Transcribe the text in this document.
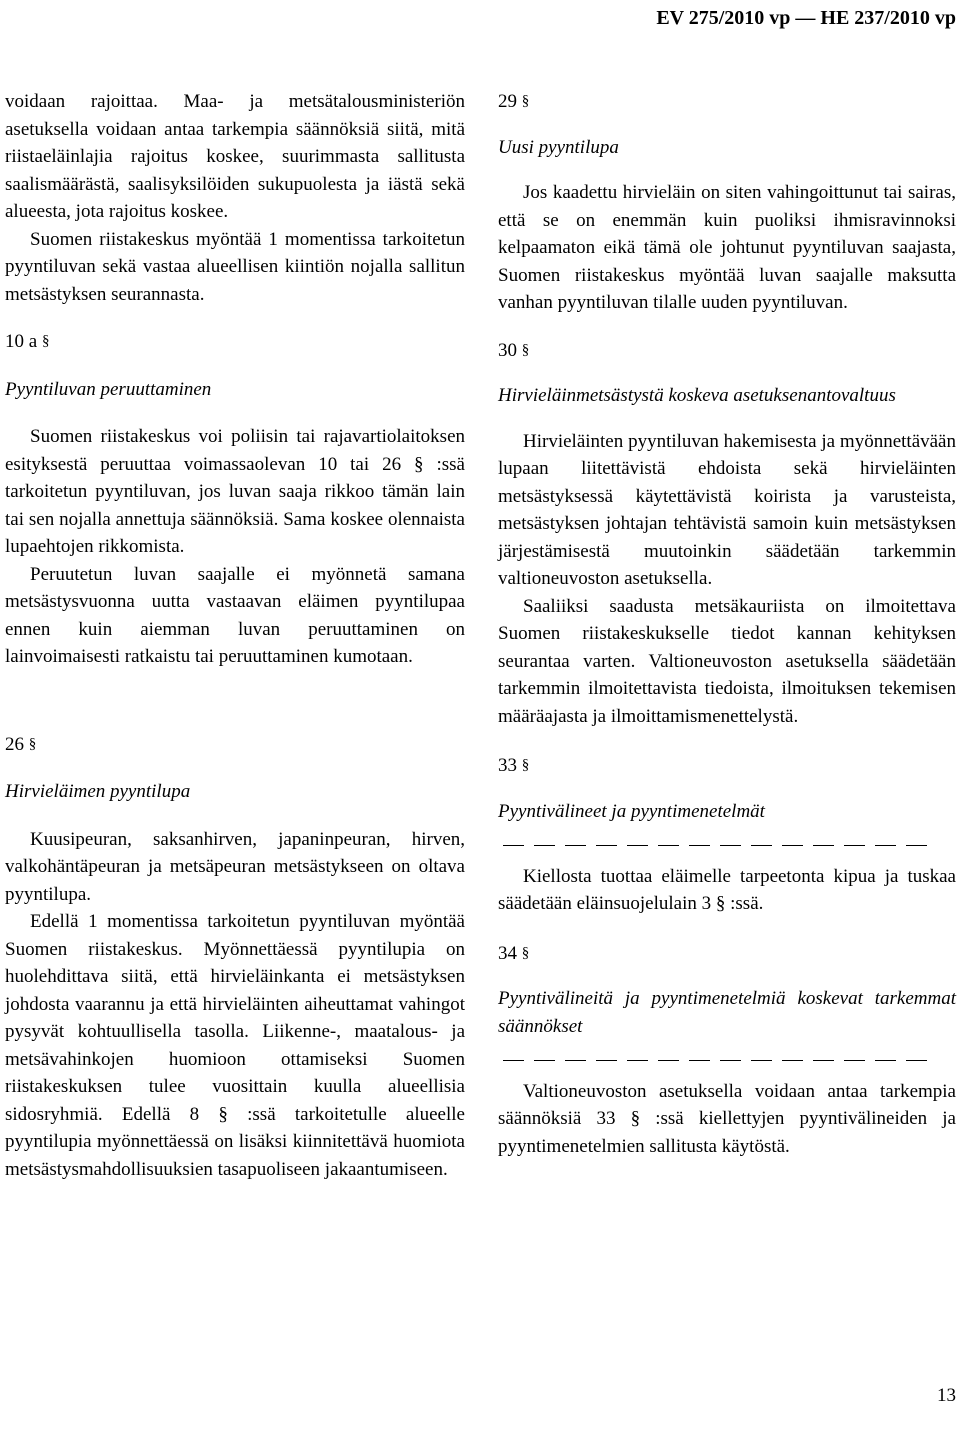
EV 275/2010 vp — HE 237/2010 vp

voidaan rajoittaa. Maa- ja metsätalousministeriön asetuksella voidaan antaa tarkempia säännöksiä siitä, mitä riistaeläinlajia rajoitus koskee, suurimmasta sallitusta saalismäärästä, saalisyksilöiden sukupuolesta ja iästä sekä alueesta, jota rajoitus koskee.

Suomen riistakeskus myöntää 1 momentissa tarkoitetun pyyntiluvan sekä vastaa alueellisen kiintiön nojalla sallitun metsästyksen seurannasta.

10 a §

Pyyntiluvan peruuttaminen

Suomen riistakeskus voi poliisin tai rajavartiolaitoksen esityksestä peruuttaa voimassaolevan 10 tai 26 § :ssä tarkoitetun pyyntiluvan, jos luvan saaja rikkoo tämän lain tai sen nojalla annettuja säännöksiä. Sama koskee olennaista lupaehtojen rikkomista.

Peruutetun luvan saajalle ei myönnetä samana metsästysvuonna uutta vastaavan eläimen pyyntilupaa ennen kuin aiemman luvan peruuttaminen on lainvoimaisesti ratkaistu tai peruuttaminen kumotaan.

26 §

Hirvieläimen pyyntilupa

Kuusipeuran, saksanhirven, japaninpeuran, hirven, valkohäntäpeuran ja metsäpeuran metsästykseen on oltava pyyntilupa.

Edellä 1 momentissa tarkoitetun pyyntiluvan myöntää Suomen riistakeskus. Myönnettäessä pyyntilupia on huolehdittava siitä, että hirvieläinkanta ei metsästyksen johdosta vaarannu ja että hirvieläinten aiheuttamat vahingot pysyvät kohtuullisella tasolla. Liikenne-, maatalous- ja metsävahinkojen huomioon ottamiseksi Suomen riistakeskuksen tulee vuosittain kuulla alueellisia sidosryhmiä. Edellä 8 § :ssä tarkoitetulle alueelle pyyntilupia myönnettäessä on lisäksi kiinnitettävä huomiota metsästysmahdollisuuksien tasapuoliseen jakaantumiseen.

29 §

Uusi pyyntilupa

Jos kaadettu hirvieläin on siten vahingoittunut tai sairas, että se on enemmän kuin puoliksi ihmisravinnoksi kelpaamaton eikä tämä ole johtunut pyyntiluvan saajasta, Suomen riistakeskus myöntää luvan saajalle maksutta vanhan pyyntiluvan tilalle uuden pyyntiluvan.

30 §

Hirvieläinmetsästystä koskeva asetuksenantovaltuus

Hirvieläinten pyyntiluvan hakemisesta ja myönnettävään lupaan liitettävistä ehdoista sekä hirvieläinten metsästyksessä käytettävistä koirista ja varusteista, metsästyksen johtajan tehtävistä samoin kuin metsästyksen järjestämisestä muutoinkin säädetään tarkemmin valtioneuvoston asetuksella.

Saaliiksi saadusta metsäkauriista on ilmoitettava Suomen riistakeskukselle tiedot kannan kehityksen seurantaa varten. Valtioneuvoston asetuksella säädetään tarkemmin ilmoitettavista tiedoista, ilmoituksen tekemisen määräajasta ja ilmoittamismenettelystä.

33 §

Pyyntivälineet ja pyyntimenetelmät

Kiellosta tuottaa eläimelle tarpeetonta kipua ja tuskaa säädetään eläinsuojelulain 3 § :ssä.

34 §

Pyyntivälineitä ja pyyntimenetelmiä koskevat tarkemmat säännökset

Valtioneuvoston asetuksella voidaan antaa tarkempia säännöksiä 33 § :ssä kiellettyjen pyyntivälineiden ja pyyntimenetelmien sallitusta käytöstä.

13
